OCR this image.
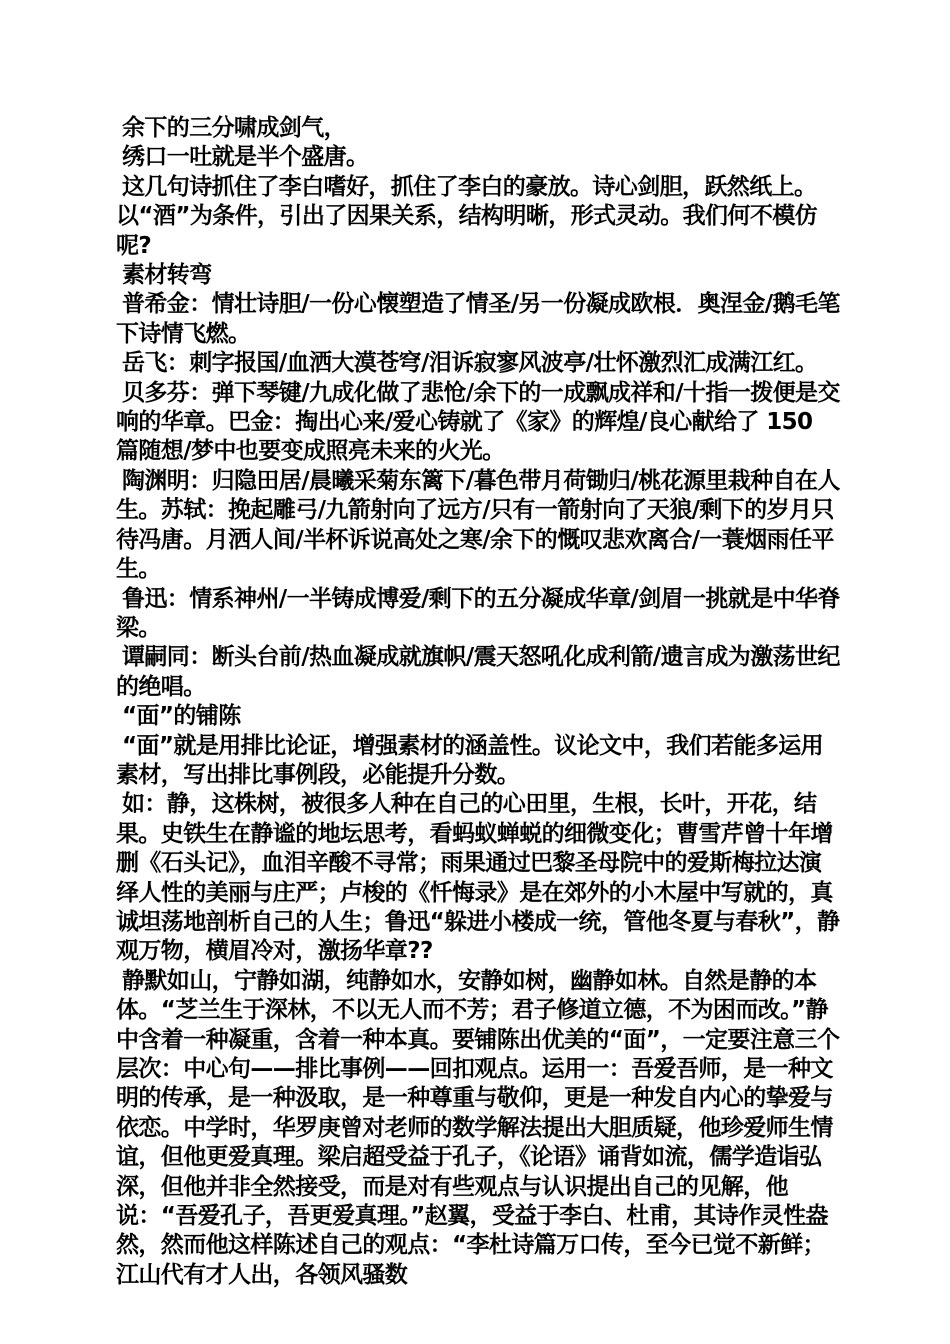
余下的三分啸成剑气，

绣口一吐就是半个盛唐。

这几句诗抓住了李白嗜好，抓住了李白的豪放。诗心剑胆，跃然纸上。以“酒”为条件，引出了因果关系，结构明晰，形式灵动。我们何不模仿呢?

素材转弯

普希金：情壮诗胆/一份心懐塑造了情圣/另一份凝成欧根．奥涅金/鹅毛笔下诗情飞燃。

岳飞：刺字报国/血洒大漠苍穹/泪诉寂寥风波亭/壮怀激烈汇成满江红。

贝多芬：弹下琴键/九成化做了悲怆/余下的一成飘成祥和/十指一拨便是交响的华章。巴金：掏出心来/爱心铸就了《家》的辉煌/良心献给了 150 篇随想/梦中也要变成照亮未来的火光。

陶渊明：归隐田居/晨曦采菊东篱下/暮色带月荷锄归/桃花源里栽种自在人生。苏轼：挽起雕弓/九箭射向了远方/只有一箭射向了天狼/剩下的岁月只待冯唐。月洒人间/半杯诉说高处之寒/余下的慨叹悲欢离合/一蓑烟雨任平生。

鲁迅：情系神州/一半铸成博爱/剩下的五分凝成华章/剑眉一挑就是中华脊梁。

谭嗣同：断头台前/热血凝成就旗帜/震天怒吼化成利箭/遗言成为激荡世纪的绝唱。

“面”的铺陈

“面”就是用排比论证，增强素材的涵盖性。议论文中，我们若能多运用素材，写出排比事例段，必能提升分数。

如：静，这株树，被很多人种在自己的心田里，生根，长叶，开花，结果。史铁生在静谧的地坛思考，看蚂蚁蝉蜕的细微变化；曹雪芹曾十年增删《石头记》，血泪辛酸不寻常；雨果通过巴黎圣母院中的爱斯梅拉达演绎人性的美丽与庄严；卢梭的《忏悔录》是在郊外的小木屋中写就的，真诚坦荡地剖析自己的人生；鲁迅“躲进小楼成一统，管他冬夏与春秋”，静观万物，横眉冷对，激扬华章??

静默如山，宁静如湖，纯静如水，安静如树，幽静如林。自然是静的本体。“芝兰生于深林，不以无人而不芳；君子修道立德，不为困而改。”静中含着一种凝重，含着一种本真。要铺陈出优美的“面”，一定要注意三个层次：中心句——排比事例——回扣观点。运用一：吾爱吾师，是一种文明的传承，是一种汲取，是一种尊重与敬仰，更是一种发自内心的挚爱与依恋。中学时，华罗庚曾对老师的数学解法提出大胆质疑，他珍爱师生情谊，但他更爱真理。梁启超受益于孔子，《论语》诵背如流，儒学造诣弘深，但他并非全然接受，而是对有些观点与认识提出自己的见解，他说：“吾爱孔子，吾更爱真理。”赵翼，受益于李白、杜甫，其诗作灵性盎然，然而他这样陈述自己的观点：“李杜诗篇万口传，至今已觉不新鲜；江山代有才人出，各领风骚数
